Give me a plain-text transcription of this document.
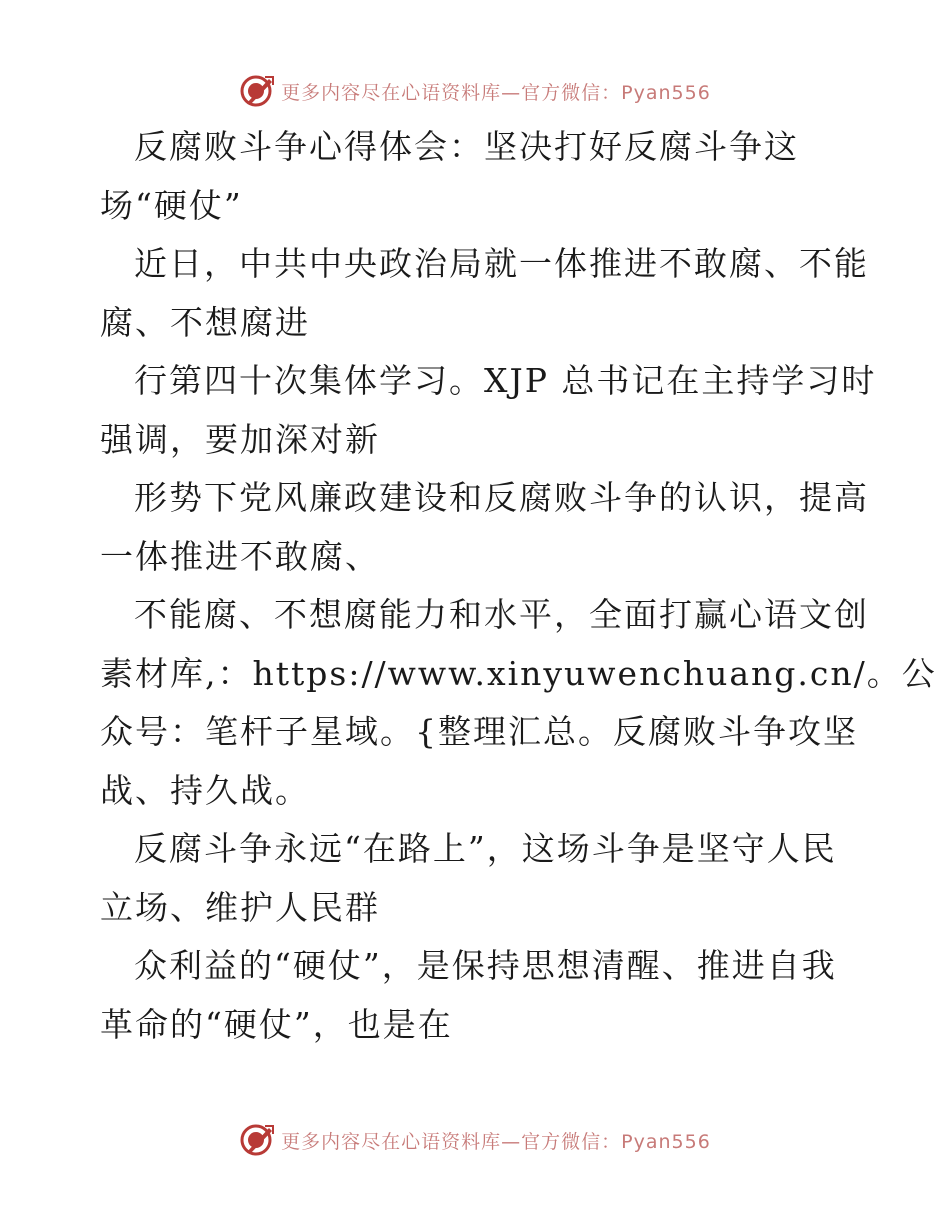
更多内容尽在心语资料库—官方微信：Pyan556
反腐败斗争心得体会：坚决打好反腐斗争这
场“硬仗”
近日，中共中央政治局就一体推进不敢腐、不能
腐、不想腐进
行第四十次集体学习。XJP 总书记在主持学习时
强调，要加深对新
形势下党风廉政建设和反腐败斗争的认识，提高
一体推进不敢腐、
不能腐、不想腐能力和水平，全面打赢心语文创
素材库,：https://www.xinyuwenchuang.cn/。公
众号：笔杆子星域。{整理汇总。反腐败斗争攻坚
战、持久战。
反腐斗争永远“在路上”，这场斗争是坚守人民
立场、维护人民群
众利益的“硬仗”，是保持思想清醒、推进自我
革命的“硬仗”，也是在
更多内容尽在心语资料库—官方微信：Pyan556
